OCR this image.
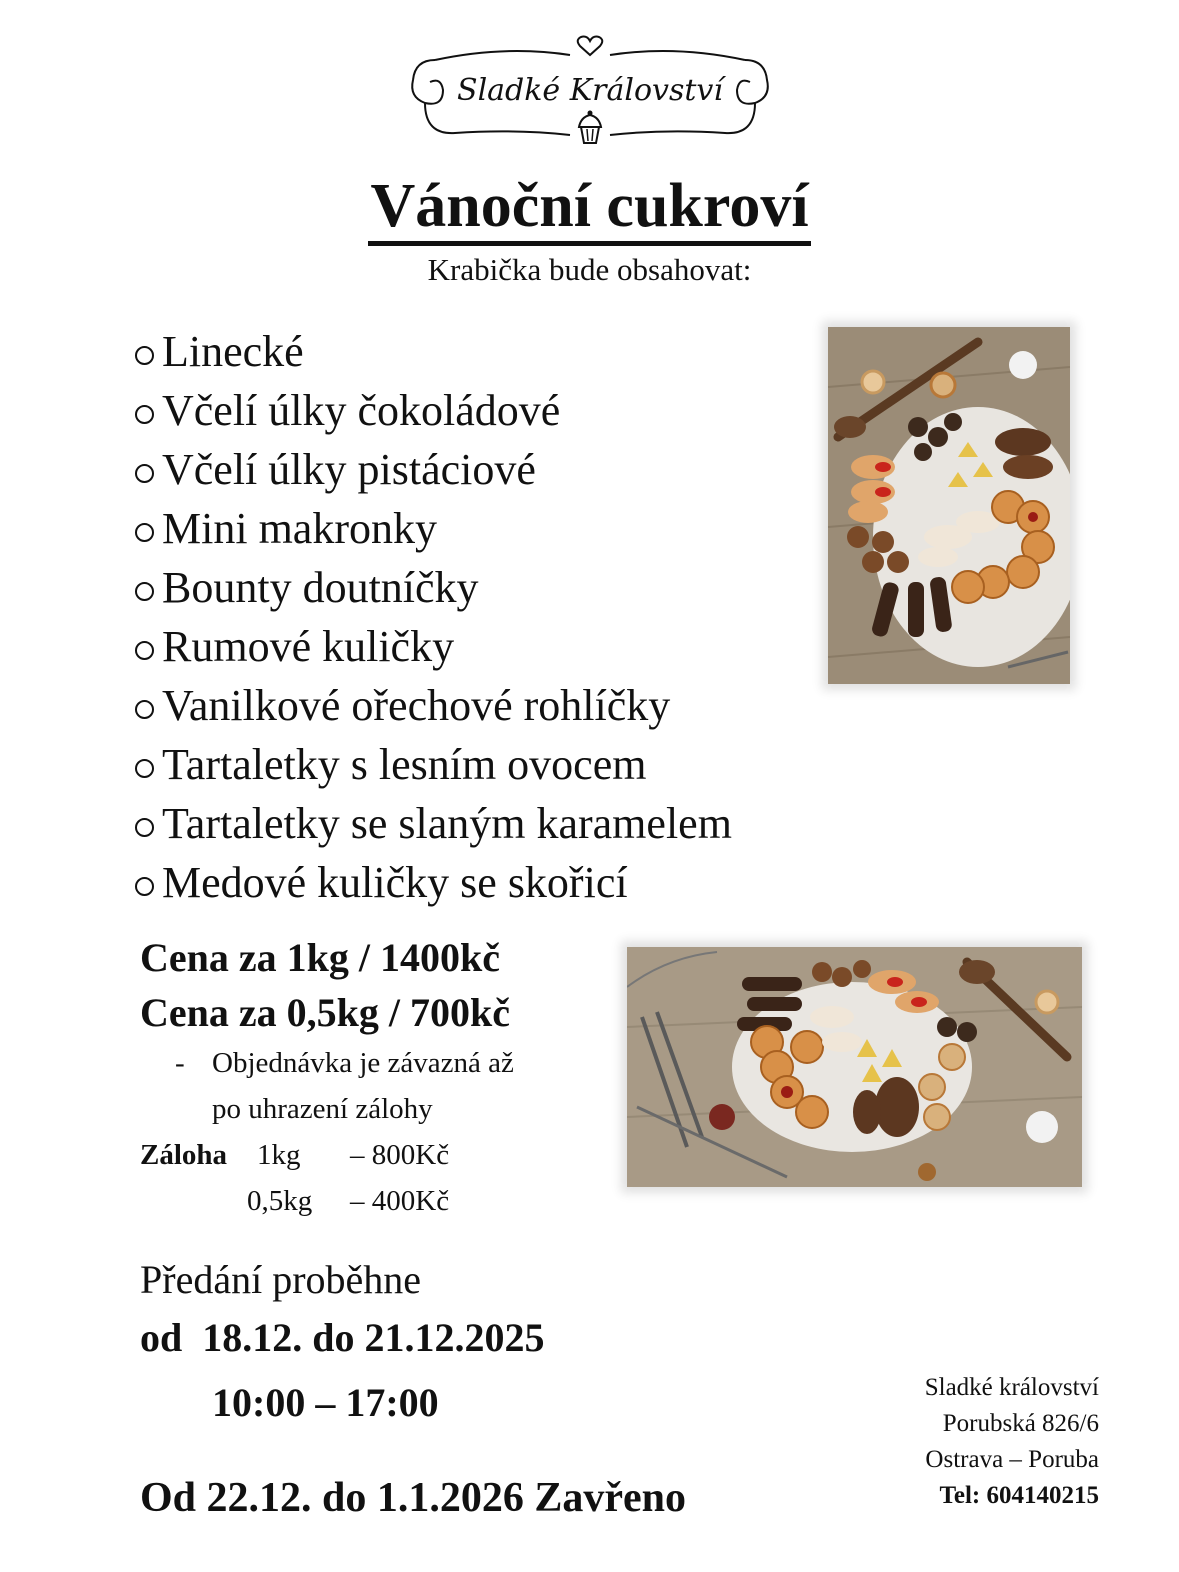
Sladké Království
Vánoční cukroví
Krabička bude obsahovat:
Linecké
Včelí úlky čokoládové
Včelí úlky pistáciové
Mini makronky
Bounty doutníčky
Rumové kuličky
Vanilkové ořechové rohlíčky
Tartaletky s lesním ovocem
Tartaletky se slaným karamelem
Medové kuličky se skořicí
Cena za 1kg / 1400kč
Cena za 0,5kg / 700kč
- Objednávka je závazná až
po uhrazení zálohy
Záloha 1kg – 800Kč
0,5kg – 400Kč
Předání proběhne
od  18.12. do 21.12.2025
10:00 – 17:00
Od 22.12. do 1.1.2026 Zavřeno
Sladké království
Porubská 826/6
Ostrava – Poruba
Tel: 604140215
